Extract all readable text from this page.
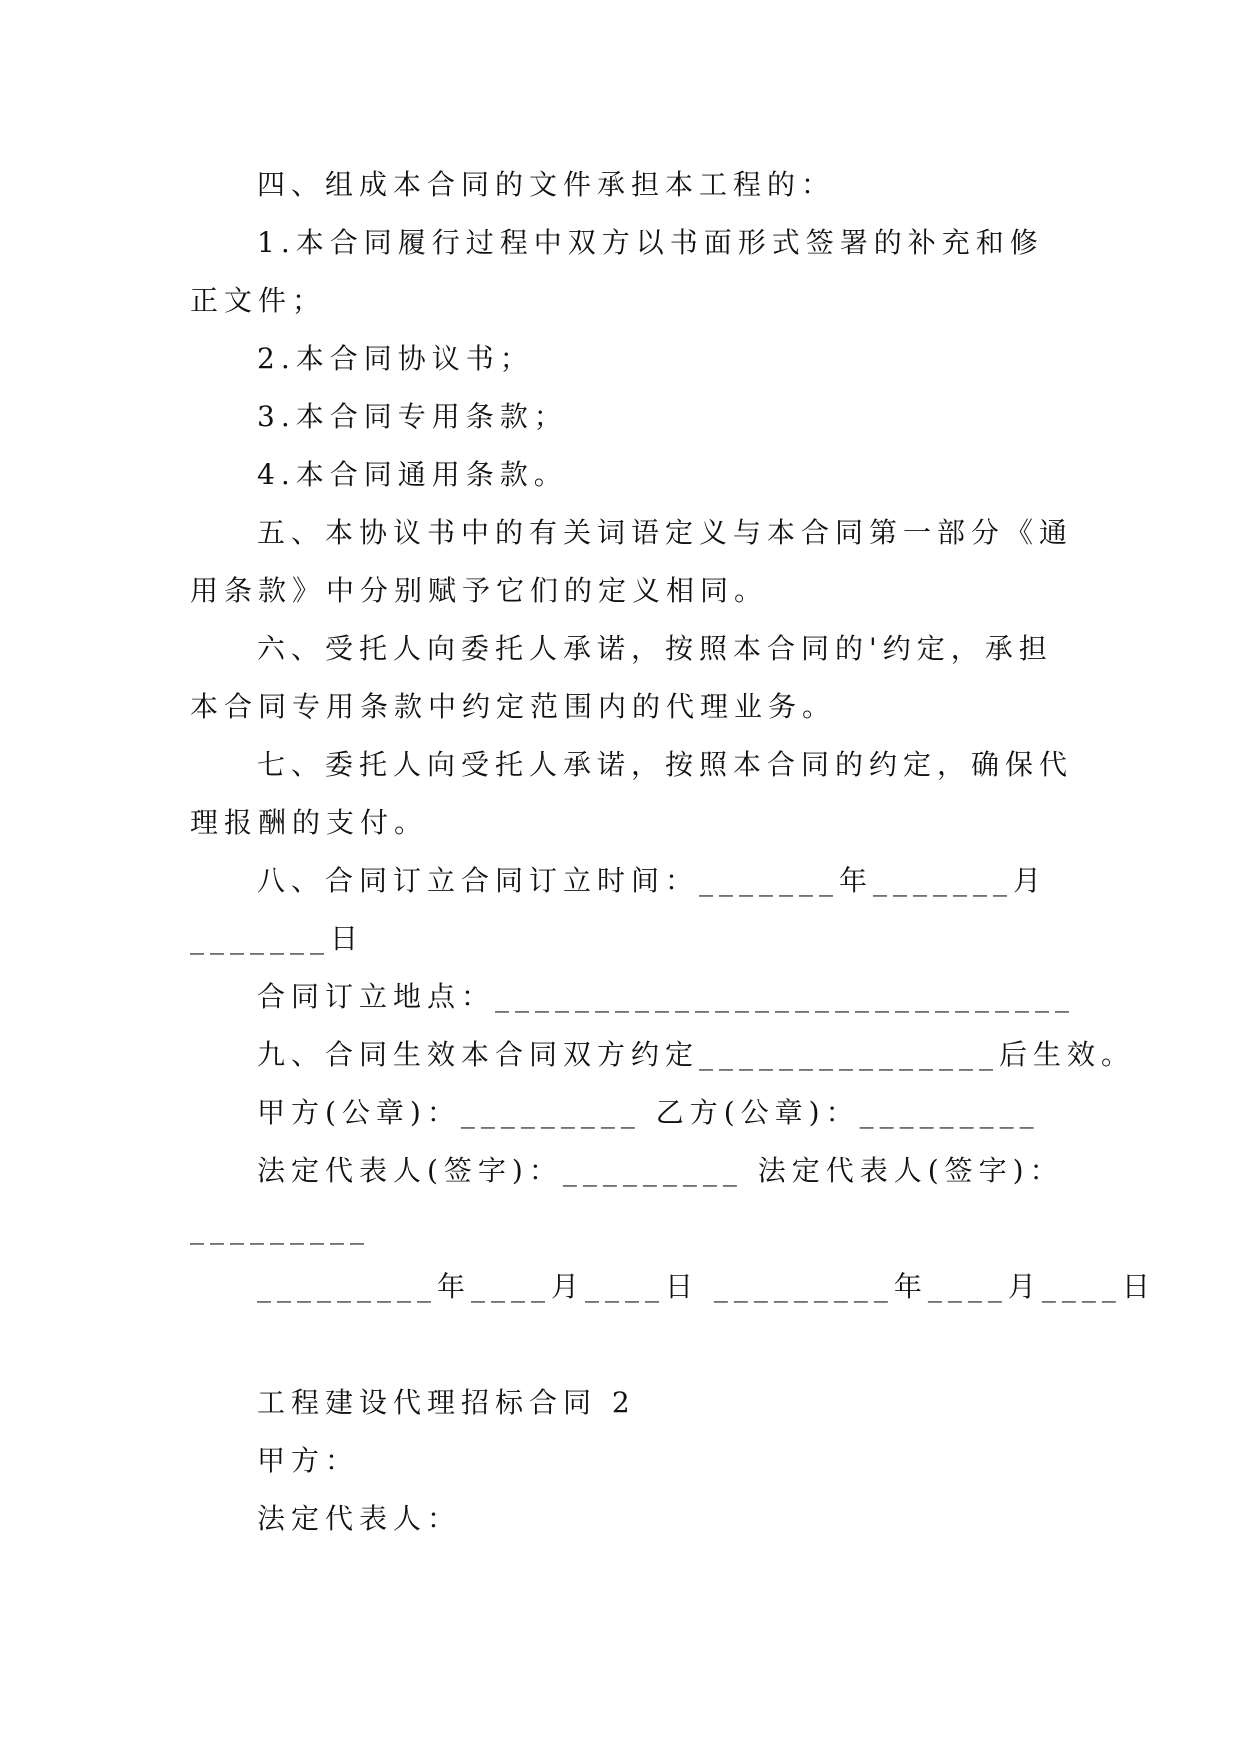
四、组成本合同的文件承担本工程的：
1.本合同履行过程中双方以书面形式签署的补充和修
正文件；
2.本合同协议书；
3.本合同专用条款；
4.本合同通用条款。
五、本协议书中的有关词语定义与本合同第一部分《通
用条款》中分别赋予它们的定义相同。
六、受托人向委托人承诺，按照本合同的'约定，承担
本合同专用条款中约定范围内的代理业务。
七、委托人向受托人承诺，按照本合同的约定，确保代
理报酬的支付。
八、合同订立合同订立时间：_______年_______月
_______日
合同订立地点：_____________________________
九、合同生效本合同双方约定_______________后生效。
甲方(公章)：_________ 乙方(公章)：_________
法定代表人(签字)：_________ 法定代表人(签字)：
_________
_________年____月____日 _________年____月____日
工程建设代理招标合同 2
甲方：
法定代表人：
